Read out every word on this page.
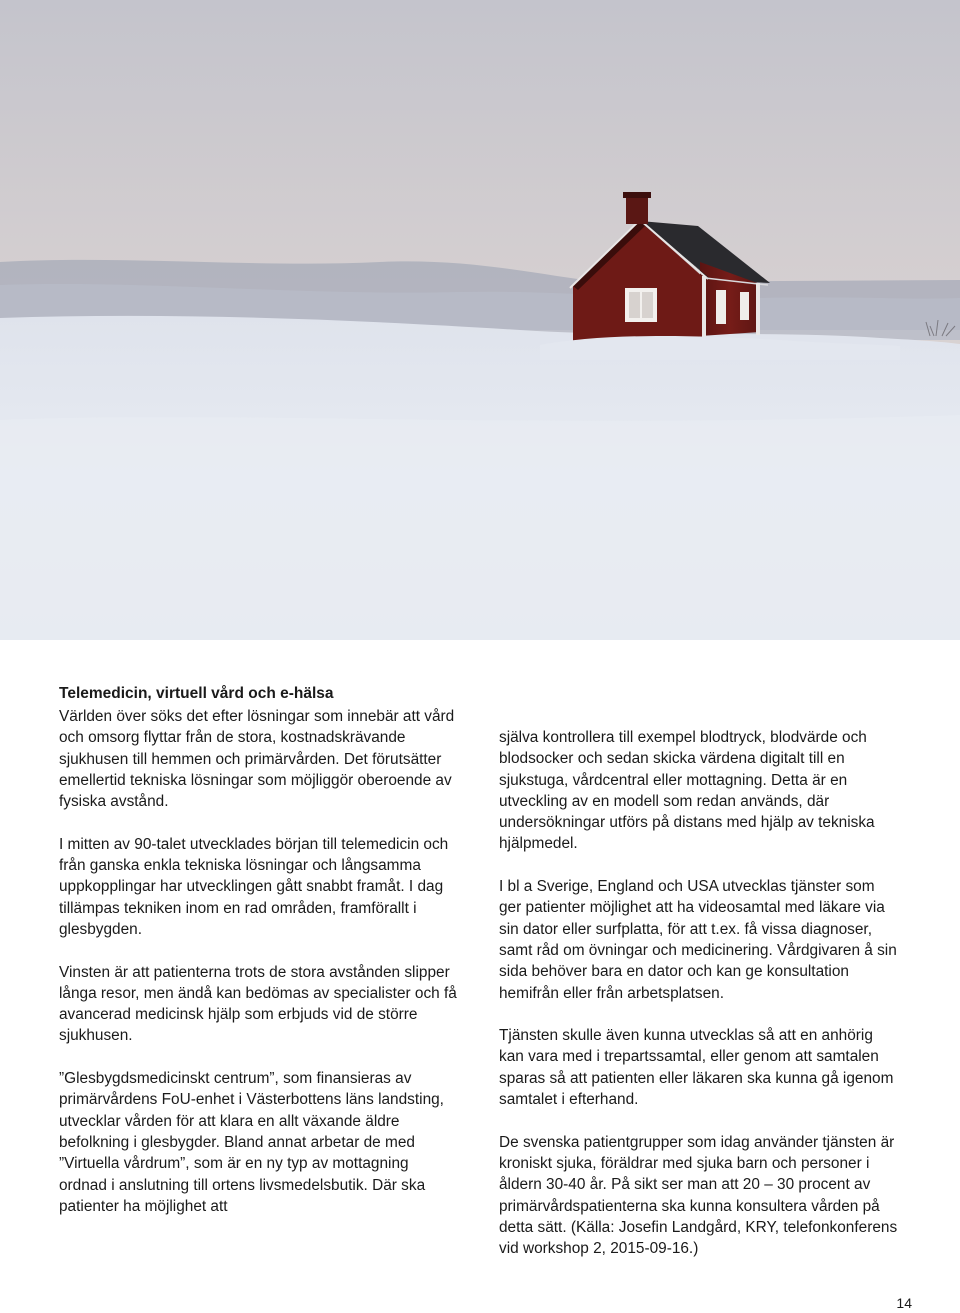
Telemedicin, virtuell vård och e-hälsa

Världen över söks det efter lösningar som innebär att vård och omsorg flyttar från de stora, kostnadskrävande sjukhusen till hemmen och primärvården. Det förutsätter emellertid tekniska lösningar som möjliggör oberoende av fysiska avstånd.

I mitten av 90-talet utvecklades början till telemedicin och från ganska enkla tekniska lösningar och långsamma uppkopplingar har utvecklingen gått snabbt framåt. I dag tillämpas tekniken inom en rad områden, framförallt i glesbygden.

Vinsten är att patienterna trots de stora avstånden slipper långa resor, men ändå kan bedömas av specialister och få avancerad medicinsk hjälp som erbjuds vid de större sjukhusen.

”Glesbygdsmedicinskt centrum”, som finansieras av primärvårdens FoU-enhet i Västerbottens läns landsting, utvecklar vården för att klara en allt växande äldre befolkning i glesbygder. Bland annat arbetar de med ”Virtuella vårdrum”, som är en ny typ av mottagning ordnad i anslutning till ortens livsmedelsbutik. Där ska patienter ha möjlighet att

själva kontrollera till exempel blodtryck, blodvärde och blodsocker och sedan skicka värdena digitalt till en sjukstuga, vårdcentral eller mottagning. Detta är en utveckling av en modell som redan används, där undersökningar utförs på distans med hjälp av tekniska hjälpmedel.

I bl a Sverige, England och USA utvecklas tjänster som ger patienter möjlighet att ha videosamtal med läkare via sin dator eller surfplatta, för att t.ex. få vissa diagnoser, samt råd om övningar och medicinering. Vårdgivaren å sin sida behöver bara en dator och kan ge konsultation hemifrån eller från arbetsplatsen.

Tjänsten skulle även kunna utvecklas så att en anhörig kan vara med i trepartssamtal, eller genom att samtalen sparas så att patienten eller läkaren ska kunna gå igenom samtalet i efterhand.

De svenska patientgrupper som idag använder tjänsten är kroniskt sjuka, föräldrar med sjuka barn och personer i åldern 30-40 år. På sikt ser man att 20 – 30 procent av primärvårdspatienterna ska kunna konsultera vården på detta sätt. (Källa: Josefin Landgård, KRY, telefonkonferens vid workshop 2, 2015-09-16.)

14
